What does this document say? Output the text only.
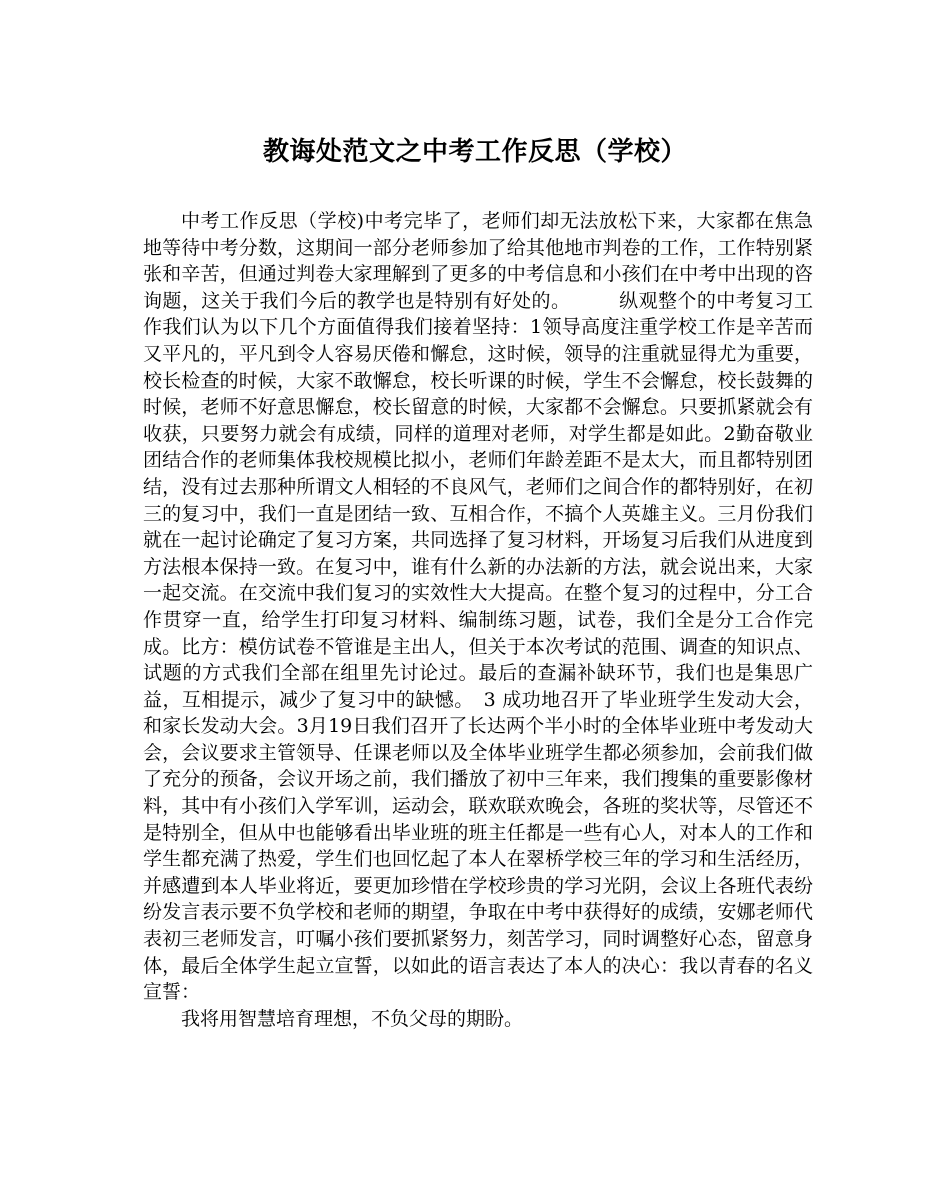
教诲处范文之中考工作反思（学校）

中考工作反思（学校)中考完毕了，老师们却无法放松下来，大家都在焦急地等待中考分数，这期间一部分老师参加了给其他地市判卷的工作，工作特别紧张和辛苦，但通过判卷大家理解到了更多的中考信息和小孩们在中考中出现的咨询题，这关于我们今后的教学也是特别有好处的。　　　纵观整个的中考复习工作我们认为以下几个方面值得我们接着坚持：1领导高度注重学校工作是辛苦而又平凡的，平凡到令人容易厌倦和懈怠，这时候，领导的注重就显得尤为重要，校长检查的时候，大家不敢懈怠，校长听课的时候，学生不会懈怠，校长鼓舞的时候，老师不好意思懈怠，校长留意的时候，大家都不会懈怠。只要抓紧就会有收获，只要努力就会有成绩，同样的道理对老师，对学生都是如此。2勤奋敬业团结合作的老师集体我校规模比拟小，老师们年龄差距不是太大，而且都特别团结，没有过去那种所谓文人相轻的不良风气，老师们之间合作的都特别好，在初三的复习中，我们一直是团结一致、互相合作，不搞个人英雄主义。三月份我们就在一起讨论确定了复习方案，共同选择了复习材料，开场复习后我们从进度到方法根本保持一致。在复习中，谁有什么新的办法新的方法，就会说出来，大家一起交流。在交流中我们复习的实效性大大提高。在整个复习的过程中，分工合作贯穿一直，给学生打印复习材料、编制练习题，试卷，我们全是分工合作完成。比方：模仿试卷不管谁是主出人，但关于本次考试的范围、调查的知识点、试题的方式我们全部在组里先讨论过。最后的查漏补缺环节，我们也是集思广益，互相提示，减少了复习中的缺憾。　3 成功地召开了毕业班学生发动大会，和家长发动大会。3月19日我们召开了长达两个半小时的全体毕业班中考发动大会，会议要求主管领导、任课老师以及全体毕业班学生都必须参加，会前我们做了充分的预备，会议开场之前，我们播放了初中三年来，我们搜集的重要影像材料，其中有小孩们入学军训，运动会，联欢联欢晚会，各班的奖状等，尽管还不是特别全，但从中也能够看出毕业班的班主任都是一些有心人，对本人的工作和学生都充满了热爱，学生们也回忆起了本人在翠桥学校三年的学习和生活经历，并感遭到本人毕业将近，要更加珍惜在学校珍贵的学习光阴，会议上各班代表纷纷发言表示要不负学校和老师的期望，争取在中考中获得好的成绩，安娜老师代表初三老师发言，叮嘱小孩们要抓紧努力，刻苦学习，同时调整好心态，留意身体，最后全体学生起立宣誓，以如此的语言表达了本人的决心：我以青春的名义宣誓：

我将用智慧培育理想，不负父母的期盼。
